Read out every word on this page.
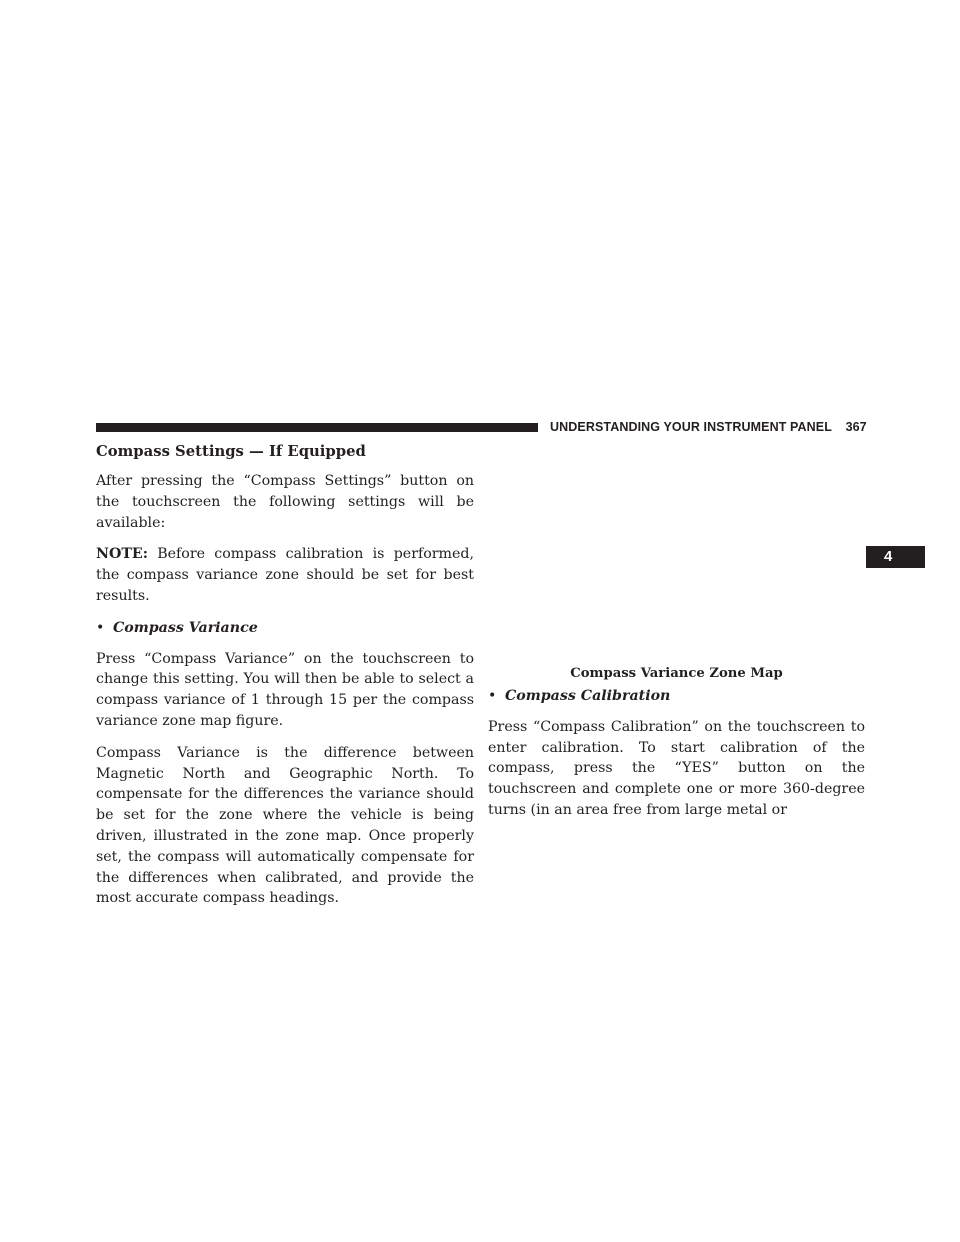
UNDERSTANDING YOUR INSTRUMENT PANEL 367
4
Compass Settings — If Equipped

After pressing the “Compass Settings” button on the touchscreen the following settings will be available:

NOTE: Before compass calibration is performed, the compass variance zone should be set for best results.

• Compass Variance

Press “Compass Variance” on the touchscreen to change this setting. You will then be able to select a compass variance of 1 through 15 per the compass variance zone map figure.

Compass Variance is the difference between Magnetic North and Geographic North. To compensate for the differences the variance should be set for the zone where the vehicle is being driven, illustrated in the zone map. Once properly set, the compass will automatically compensate for the differences when calibrated, and provide the most accurate compass headings.

Compass Variance Zone Map
• Compass Calibration

Press “Compass Calibration” on the touchscreen to enter calibration. To start calibration of the compass, press the “YES” button on the touchscreen and complete one or more 360-degree turns (in an area free from large metal or
